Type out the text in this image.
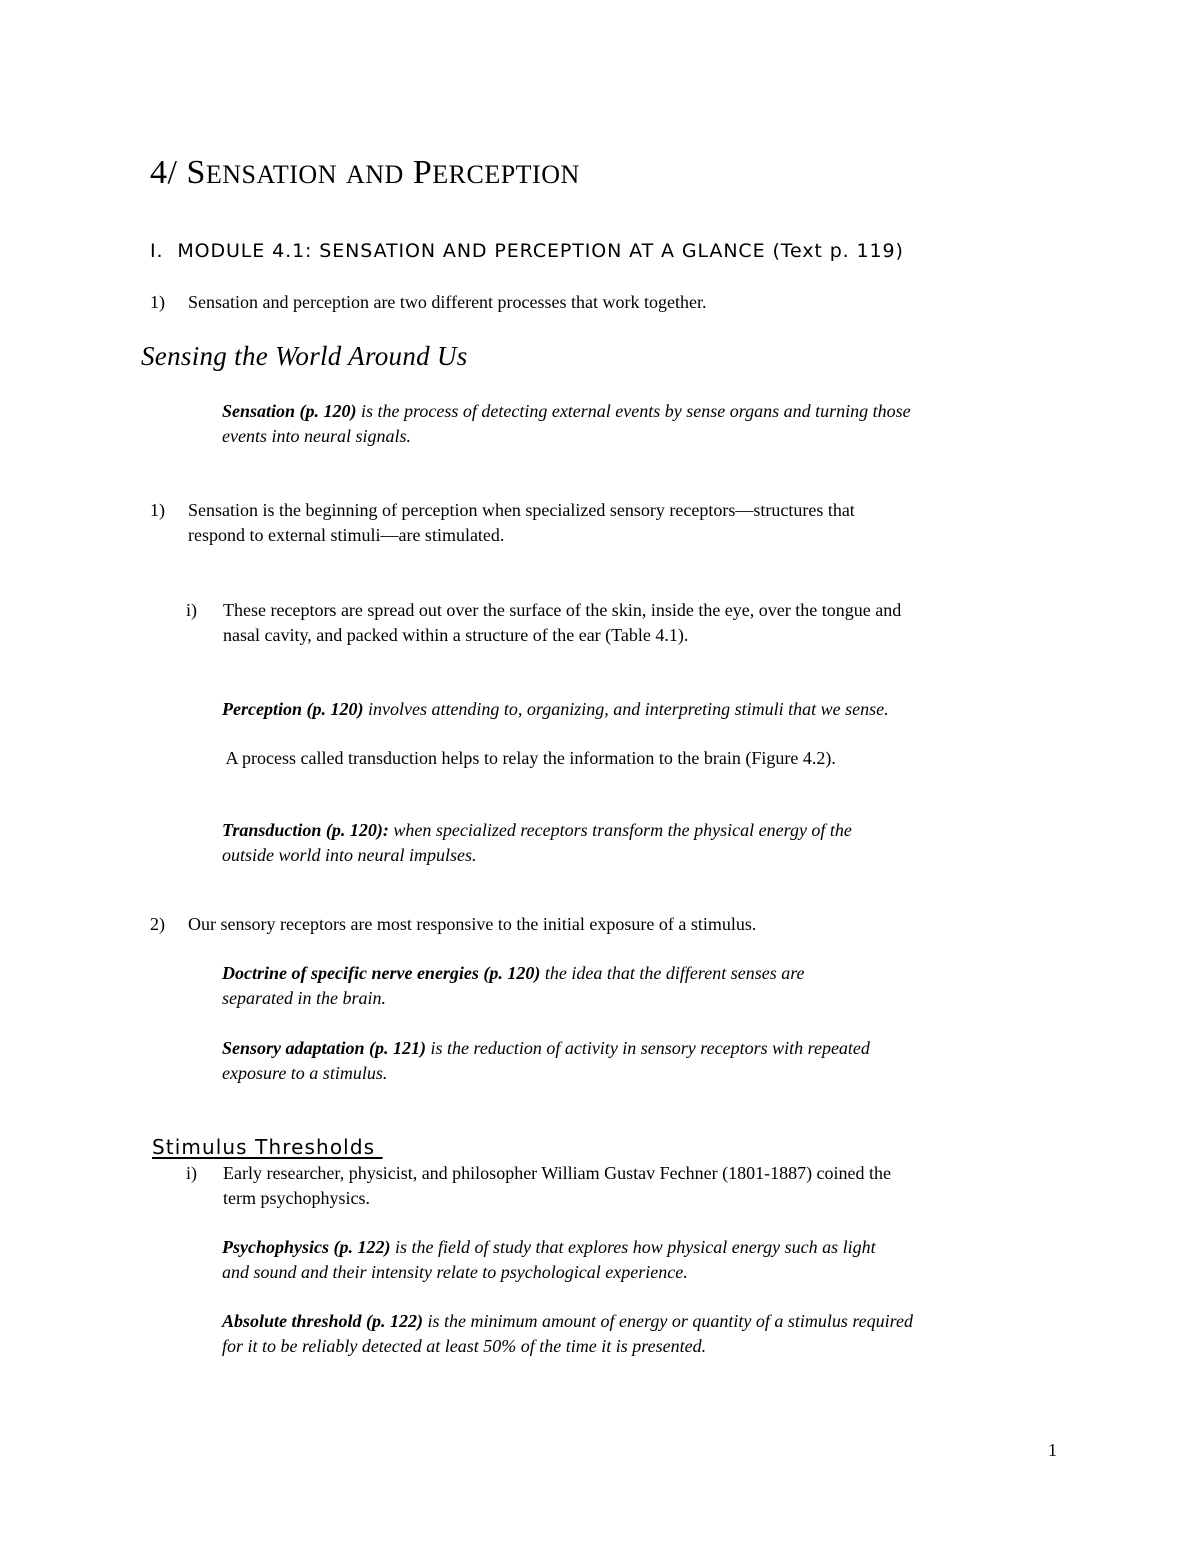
4/ SENSATION AND PERCEPTION
I.  MODULE 4.1: SENSATION AND PERCEPTION AT A GLANCE (Text p. 119)
1) Sensation and perception are two different processes that work together.
Sensing the World Around Us
Sensation (p. 120) is the process of detecting external events by sense organs and turning those
events into neural signals.
1) Sensation is the beginning of perception when specialized sensory receptors—structures that
respond to external stimuli—are stimulated.
i) These receptors are spread out over the surface of the skin, inside the eye, over the tongue and
nasal cavity, and packed within a structure of the ear (Table 4.1).
Perception (p. 120) involves attending to, organizing, and interpreting stimuli that we sense.

A process called transduction helps to relay the information to the brain (Figure 4.2).

Transduction (p. 120): when specialized receptors transform the physical energy of the
outside world into neural impulses.
2) Our sensory receptors are most responsive to the initial exposure of a stimulus.
Doctrine of specific nerve energies (p. 120) the idea that the different senses are
separated in the brain.
Sensory adaptation (p. 121) is the reduction of activity in sensory receptors with repeated
exposure to a stimulus.
Stimulus Thresholds
i) Early researcher, physicist, and philosopher William Gustav Fechner (1801-1887) coined the
term psychophysics.
Psychophysics (p. 122) is the field of study that explores how physical energy such as light
and sound and their intensity relate to psychological experience.
Absolute threshold (p. 122) is the minimum amount of energy or quantity of a stimulus required
for it to be reliably detected at least 50% of the time it is presented.
1
